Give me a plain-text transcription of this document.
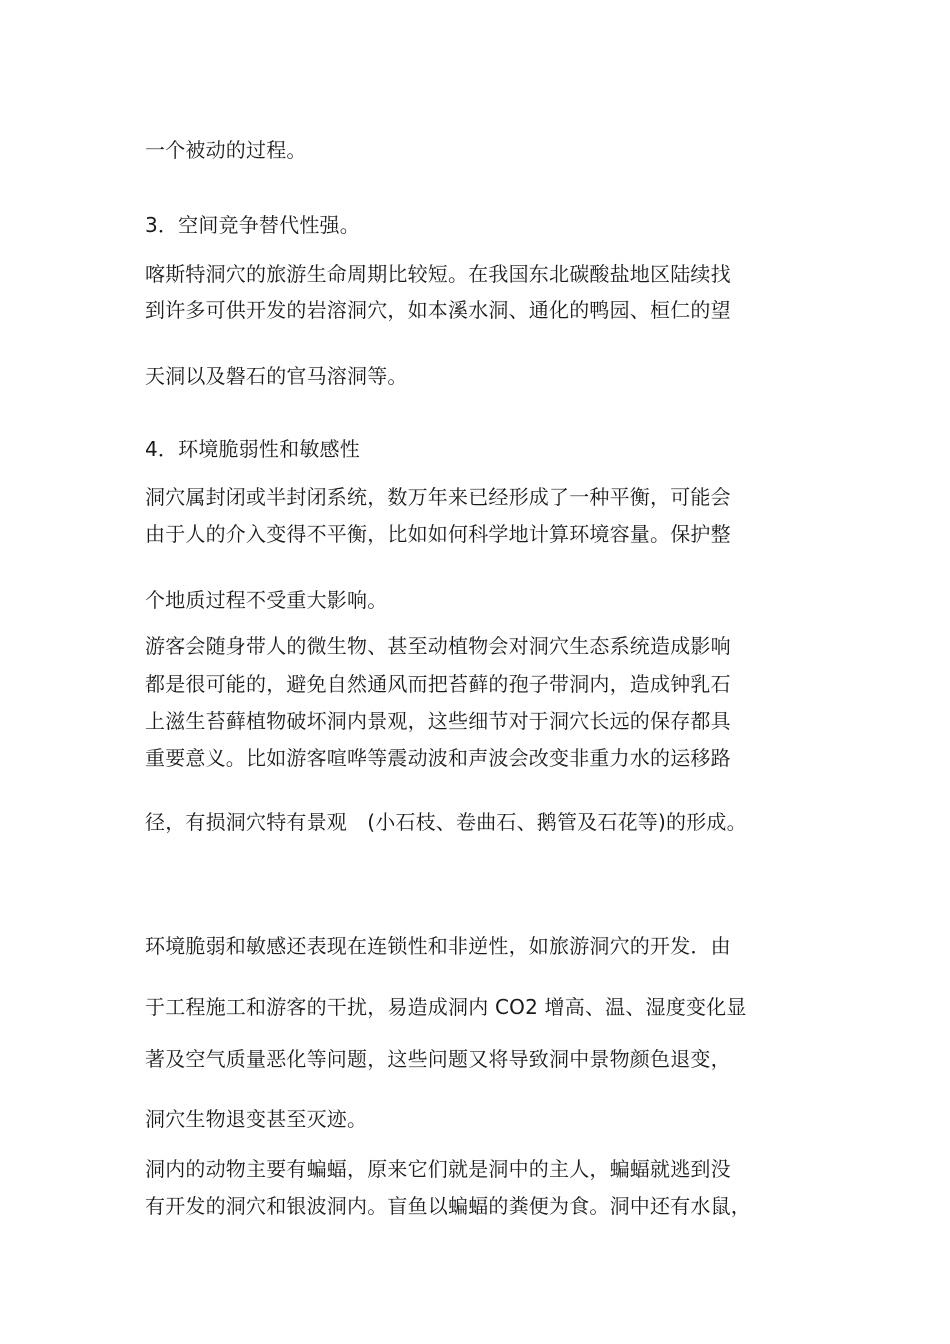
一个被动的过程。
3．空间竞争替代性强。
喀斯特洞穴的旅游生命周期比较短。在我国东北碳酸盐地区陆续找
到许多可供开发的岩溶洞穴，如本溪水洞、通化的鸭园、桓仁的望
天洞以及磐石的官马溶洞等。
4．环境脆弱性和敏感性
洞穴属封闭或半封闭系统，数万年来已经形成了一种平衡，可能会
由于人的介入变得不平衡，比如如何科学地计算环境容量。保护整
个地质过程不受重大影响。
游客会随身带人的微生物、甚至动植物会对洞穴生态系统造成影响
都是很可能的，避免自然通风而把苔藓的孢子带洞内，造成钟乳石
上滋生苔藓植物破坏洞内景观，这些细节对于洞穴长远的保存都具
重要意义。比如游客喧哗等震动波和声波会改变非重力水的运移路
径，有损洞穴特有景观　(小石枝、卷曲石、鹅管及石花等)的形成。
环境脆弱和敏感还表现在连锁性和非逆性，如旅游洞穴的开发．由
于工程施工和游客的干扰，易造成洞内 CO2 增高、温、湿度变化显
著及空气质量恶化等问题，这些问题又将导致洞中景物颜色退变，
洞穴生物退变甚至灭迹。
洞内的动物主要有蝙蝠，原来它们就是洞中的主人，蝙蝠就逃到没
有开发的洞穴和银波洞内。盲鱼以蝙蝠的粪便为食。洞中还有水鼠，
